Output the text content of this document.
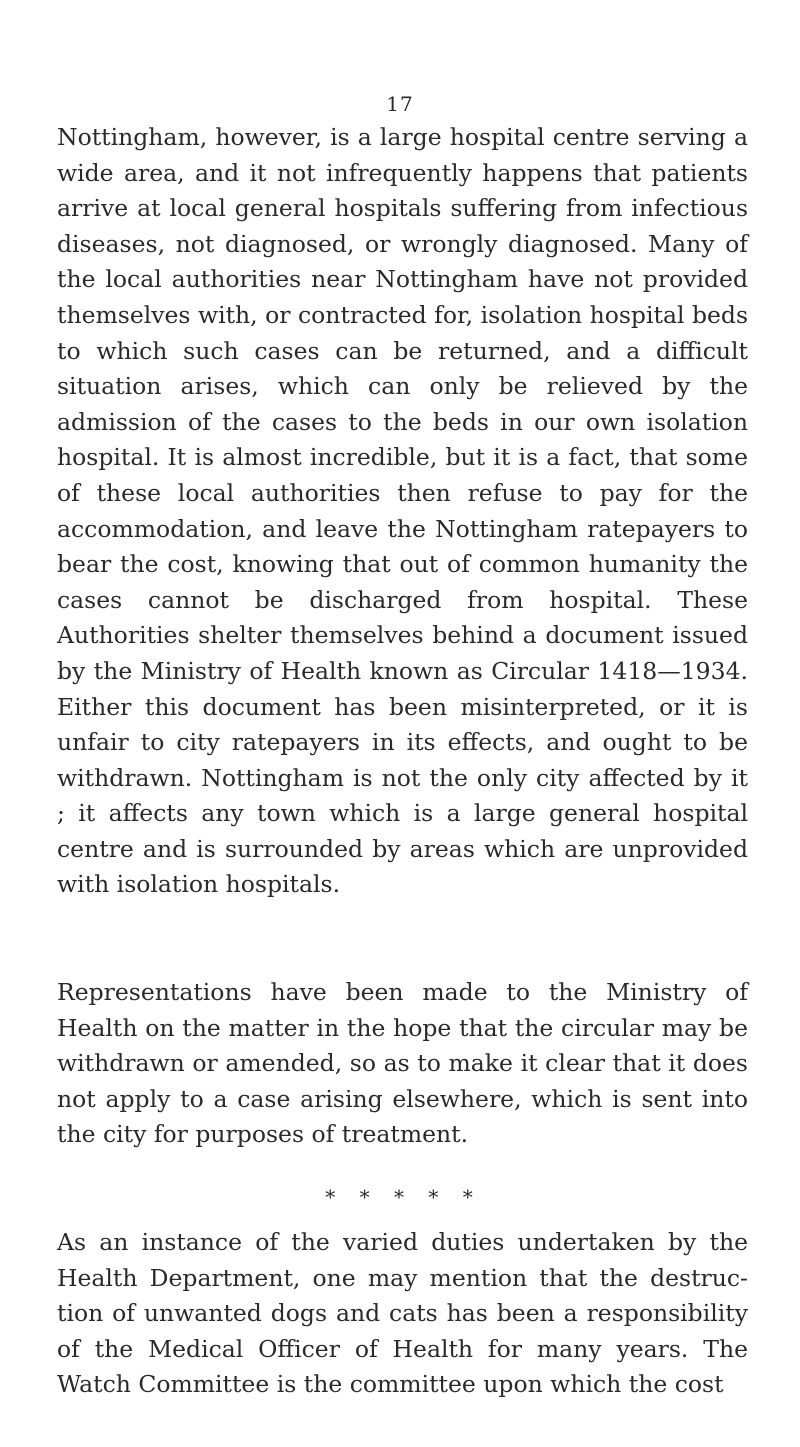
17

Nottingham, however, is a large hospital centre serving a wide area, and it not infrequently happens that patients arrive at local general hospitals suffering from infectious diseases, not diagnosed, or wrongly diagnosed. Many of the local authorities near Nottingham have not provided themselves with, or contracted for, isolation hospital beds to which such cases can be returned, and a difficult situation arises, which can only be relieved by the admission of the cases to the beds in our own isolation hospital. It is almost incredible, but it is a fact, that some of these local authorities then refuse to pay for the accommodation, and leave the Nottingham ratepayers to bear the cost, knowing that out of common humanity the cases cannot be discharged from hospital. These Authorities shelter themselves behind a document issued by the Ministry of Health known as Circular 1418—1934. Either this document has been misinterpreted, or it is unfair to city ratepayers in its effects, and ought to be withdrawn. Nottingham is not the only city affected by it ; it affects any town which is a large general hospital centre and is surrounded by areas which are unprovided with isolation hospitals.

Representations have been made to the Ministry of Health on the matter in the hope that the circular may be withdrawn or amended, so as to make it clear that it does not apply to a case arising elsewhere, which is sent into the city for purposes of treatment.

* * * * *

As an instance of the varied duties undertaken by the Health Department, one may mention that the destruc- tion of unwanted dogs and cats has been a responsibility of the Medical Officer of Health for many years. The Watch Committee is the committee upon which the cost
